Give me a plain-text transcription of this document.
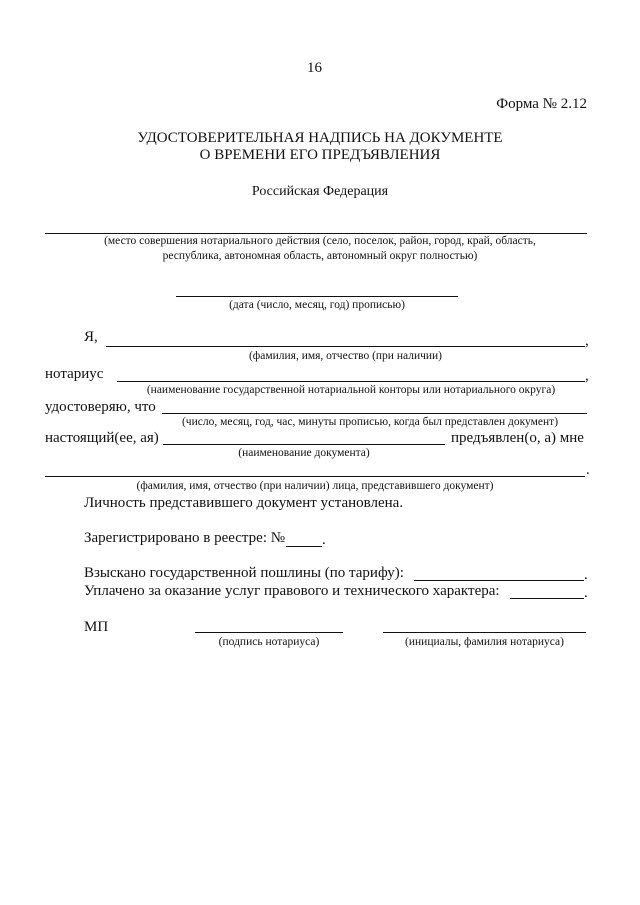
16
Форма № 2.12
УДОСТОВЕРИТЕЛЬНАЯ НАДПИСЬ НА ДОКУМЕНТЕ
О ВРЕМЕНИ ЕГО ПРЕДЪЯВЛЕНИЯ
Российская Федерация
(место совершения нотариального действия (село, поселок, район, город, край, область,
республика, автономная область, автономный округ полностью)
(дата (число, месяц, год) прописью)
Я,	,
(фамилия, имя, отчество (при наличии)
нотариус	,
(наименование государственной нотариальной конторы или нотариального округа)
удостоверяю, что
(число, месяц, год, час, минуты прописью, когда был представлен документ)
настоящий(ее, ая)	предъявлен(о, а) мне
(наименование документа)
.
(фамилия, имя, отчество (при наличии) лица, представившего документ)
Личность представившего документ установлена.
Зарегистрировано в реестре: № .
Взыскано государственной пошлины (по тарифу):	.
Уплачено за оказание услуг правового и технического характера:	.
МП
(подпись нотариуса)	(инициалы, фамилия нотариуса)
